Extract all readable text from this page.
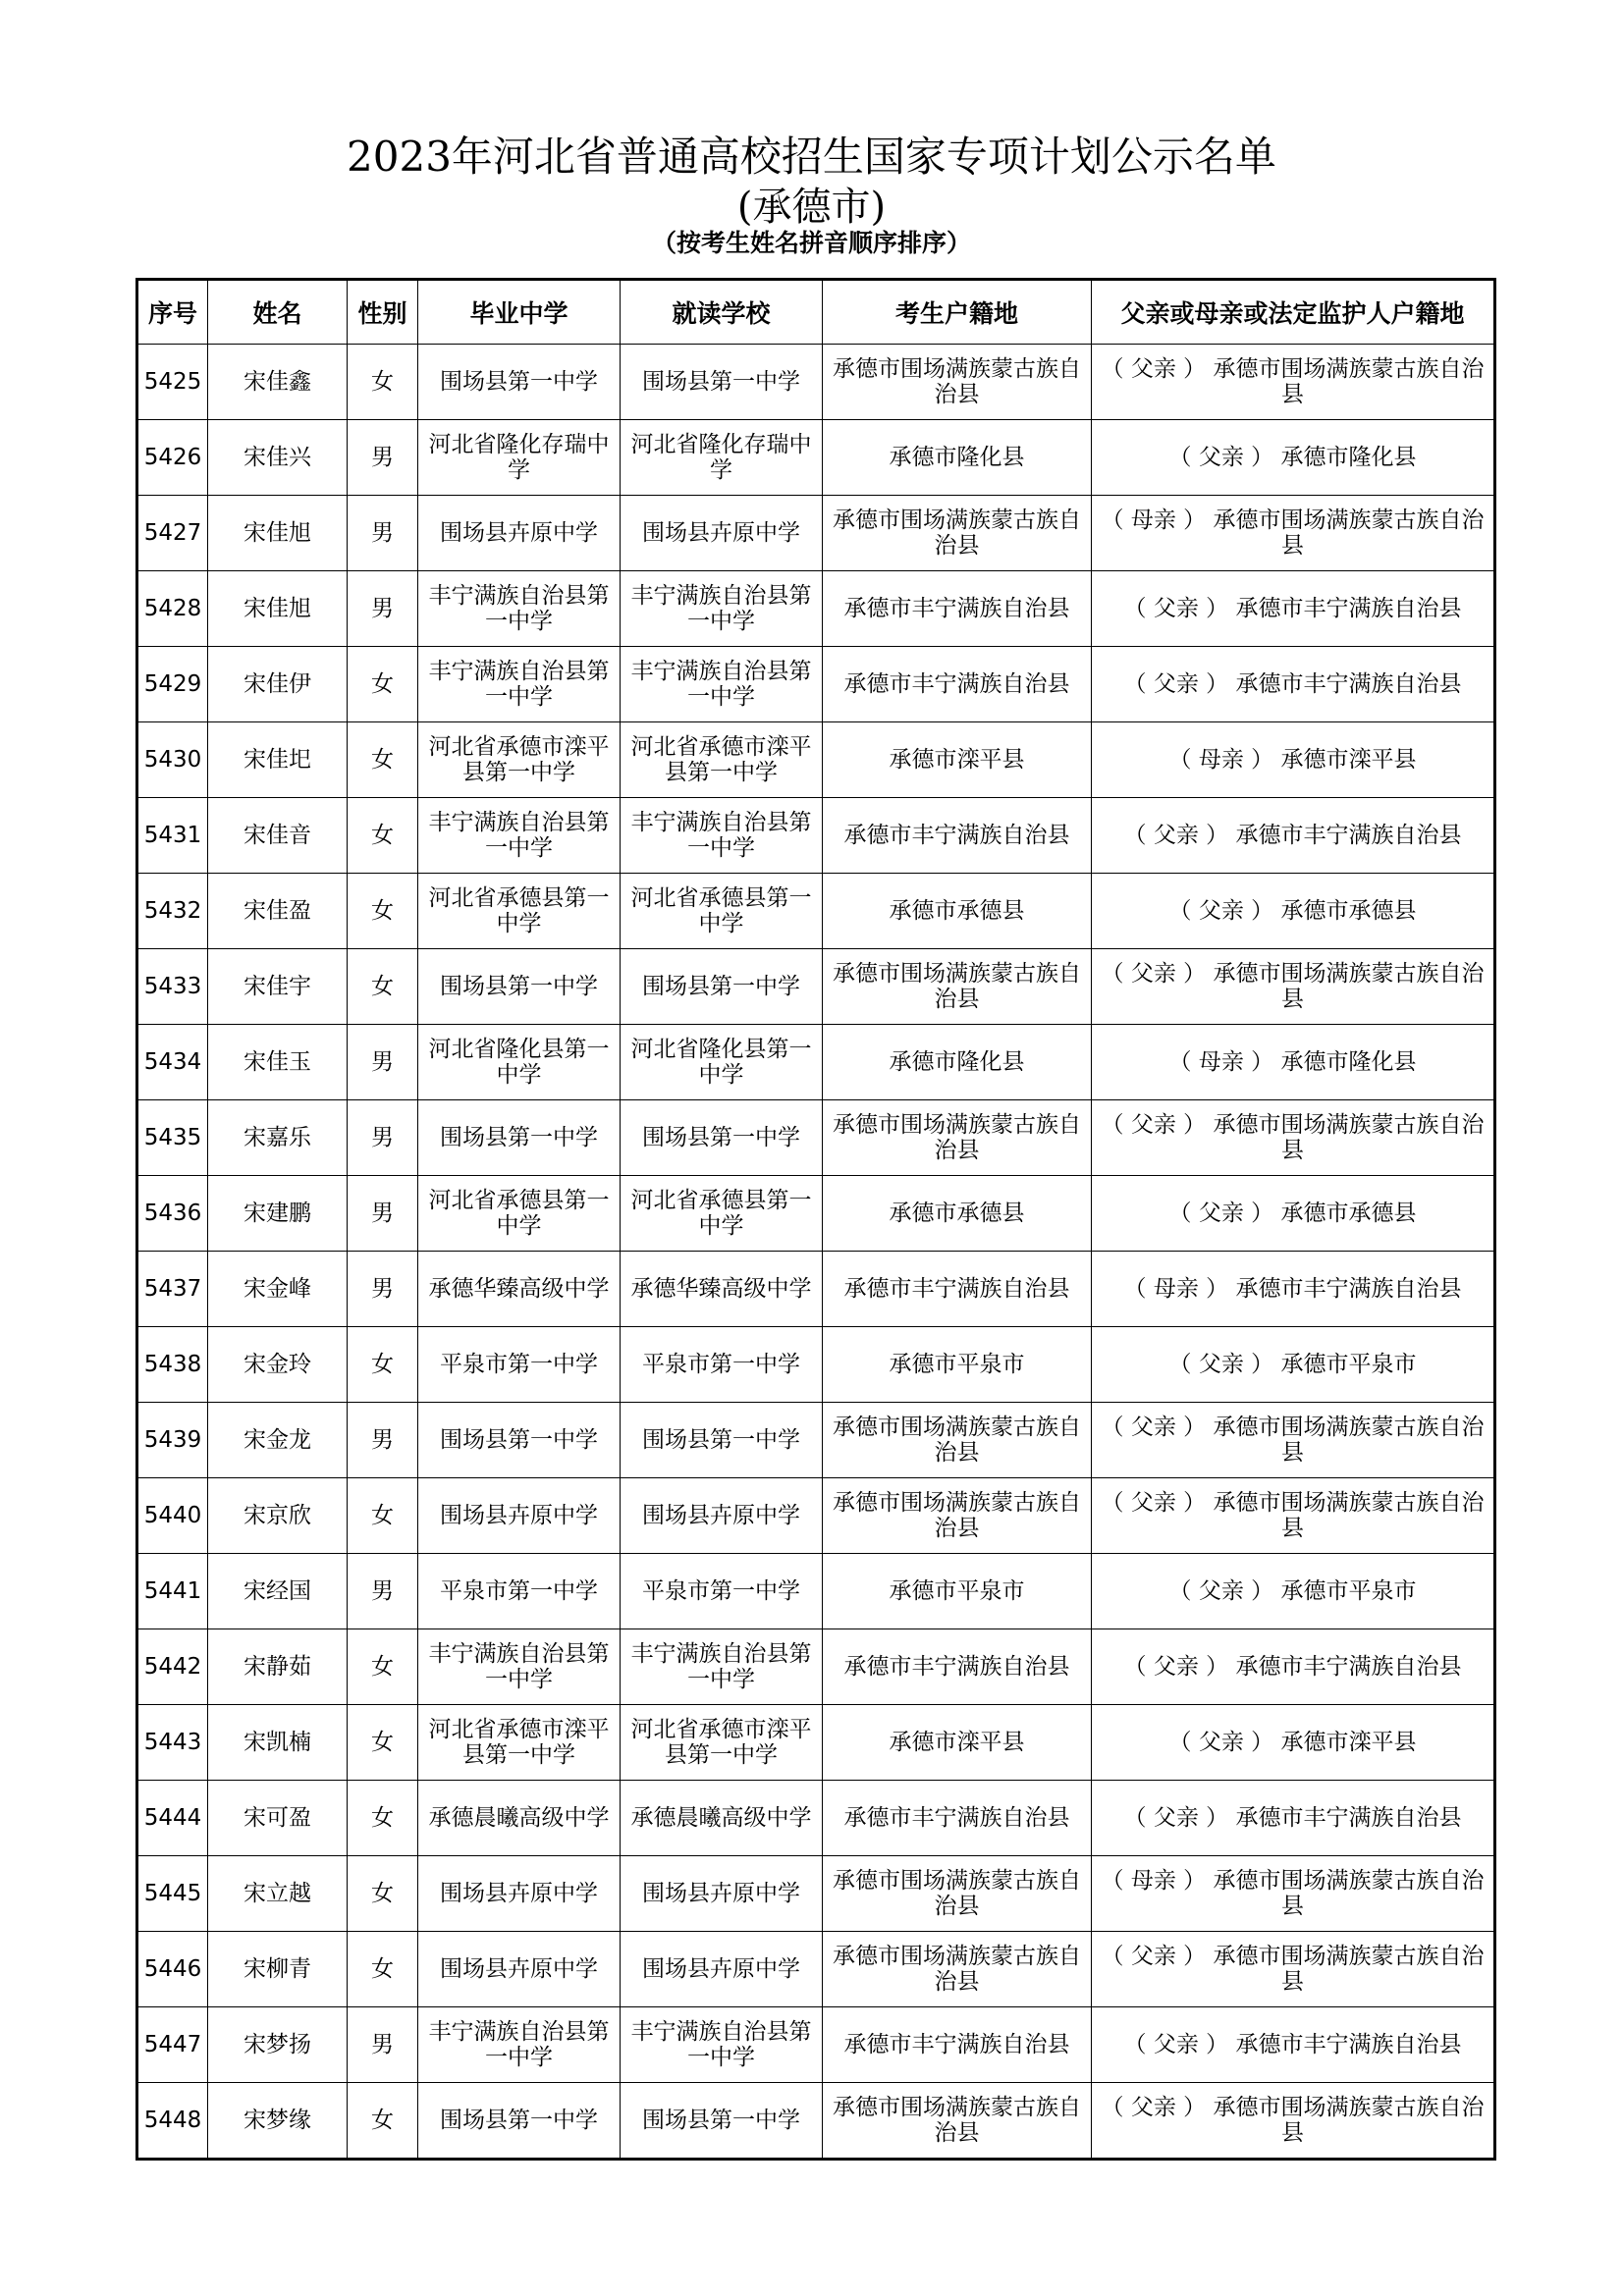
2023年河北省普通高校招生国家专项计划公示名单
(承德市)
（按考生姓名拼音顺序排序）
序号	姓名	性别	毕业中学	就读学校	考生户籍地	父亲或母亲或法定监护人户籍地
5425	宋佳鑫	女	围场县第一中学	围场县第一中学	承德市围场满族蒙古族自治县	（ 父亲 ） 承德市围场满族蒙古族自治县
5426	宋佳兴	男	河北省隆化存瑞中学	河北省隆化存瑞中学	承德市隆化县	（ 父亲 ） 承德市隆化县
5427	宋佳旭	男	围场县卉原中学	围场县卉原中学	承德市围场满族蒙古族自治县	（ 母亲 ） 承德市围场满族蒙古族自治县
5428	宋佳旭	男	丰宁满族自治县第一中学	丰宁满族自治县第一中学	承德市丰宁满族自治县	（ 父亲 ） 承德市丰宁满族自治县
5429	宋佳伊	女	丰宁满族自治县第一中学	丰宁满族自治县第一中学	承德市丰宁满族自治县	（ 父亲 ） 承德市丰宁满族自治县
5430	宋佳圯	女	河北省承德市滦平县第一中学	河北省承德市滦平县第一中学	承德市滦平县	（ 母亲 ） 承德市滦平县
5431	宋佳音	女	丰宁满族自治县第一中学	丰宁满族自治县第一中学	承德市丰宁满族自治县	（ 父亲 ） 承德市丰宁满族自治县
5432	宋佳盈	女	河北省承德县第一中学	河北省承德县第一中学	承德市承德县	（ 父亲 ） 承德市承德县
5433	宋佳宇	女	围场县第一中学	围场县第一中学	承德市围场满族蒙古族自治县	（ 父亲 ） 承德市围场满族蒙古族自治县
5434	宋佳玉	男	河北省隆化县第一中学	河北省隆化县第一中学	承德市隆化县	（ 母亲 ） 承德市隆化县
5435	宋嘉乐	男	围场县第一中学	围场县第一中学	承德市围场满族蒙古族自治县	（ 父亲 ） 承德市围场满族蒙古族自治县
5436	宋建鹏	男	河北省承德县第一中学	河北省承德县第一中学	承德市承德县	（ 父亲 ） 承德市承德县
5437	宋金峰	男	承德华臻高级中学	承德华臻高级中学	承德市丰宁满族自治县	（ 母亲 ） 承德市丰宁满族自治县
5438	宋金玲	女	平泉市第一中学	平泉市第一中学	承德市平泉市	（ 父亲 ） 承德市平泉市
5439	宋金龙	男	围场县第一中学	围场县第一中学	承德市围场满族蒙古族自治县	（ 父亲 ） 承德市围场满族蒙古族自治县
5440	宋京欣	女	围场县卉原中学	围场县卉原中学	承德市围场满族蒙古族自治县	（ 父亲 ） 承德市围场满族蒙古族自治县
5441	宋经国	男	平泉市第一中学	平泉市第一中学	承德市平泉市	（ 父亲 ） 承德市平泉市
5442	宋静茹	女	丰宁满族自治县第一中学	丰宁满族自治县第一中学	承德市丰宁满族自治县	（ 父亲 ） 承德市丰宁满族自治县
5443	宋凯楠	女	河北省承德市滦平县第一中学	河北省承德市滦平县第一中学	承德市滦平县	（ 父亲 ） 承德市滦平县
5444	宋可盈	女	承德晨曦高级中学	承德晨曦高级中学	承德市丰宁满族自治县	（ 父亲 ） 承德市丰宁满族自治县
5445	宋立越	女	围场县卉原中学	围场县卉原中学	承德市围场满族蒙古族自治县	（ 母亲 ） 承德市围场满族蒙古族自治县
5446	宋柳青	女	围场县卉原中学	围场县卉原中学	承德市围场满族蒙古族自治县	（ 父亲 ） 承德市围场满族蒙古族自治县
5447	宋梦扬	男	丰宁满族自治县第一中学	丰宁满族自治县第一中学	承德市丰宁满族自治县	（ 父亲 ） 承德市丰宁满族自治县
5448	宋梦缘	女	围场县第一中学	围场县第一中学	承德市围场满族蒙古族自治县	（ 父亲 ） 承德市围场满族蒙古族自治县
